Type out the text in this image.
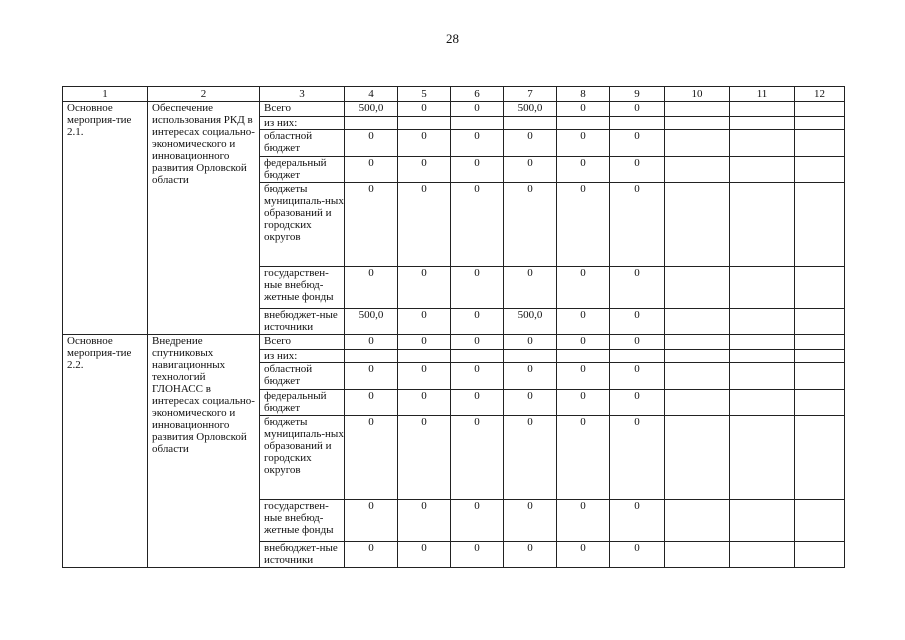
28
1	2	3	4	5	6	7	8	9	10	11	12
Основное мероприя-тие 2.1.	Обеспечение использования РКД в интересах социально-экономического и инновационного развития Орловской области	Всего	500,0	0	0	500,0	0	0			
		из них:									
		областной бюджет	0	0	0	0	0	0			
		федеральный бюджет	0	0	0	0	0	0			
		бюджеты муниципаль-ных образований и городских округов	0	0	0	0	0	0			
		государствен-ные внебюд-жетные фонды	0	0	0	0	0	0			
		внебюджет-ные источники	500,0	0	0	500,0	0	0			
Основное мероприя-тие 2.2.	Внедрение спутниковых навигационных технологий ГЛОНАСС в интересах социально-экономического и инновационного развития Орловской области	Всего	0	0	0	0	0	0			
		из них:									
		областной бюджет	0	0	0	0	0	0			
		федеральный бюджет	0	0	0	0	0	0			
		бюджеты муниципаль-ных образований и городских округов	0	0	0	0	0	0			
		государствен-ные внебюд-жетные фонды	0	0	0	0	0	0			
		внебюджет-ные источники	0	0	0	0	0	0			
